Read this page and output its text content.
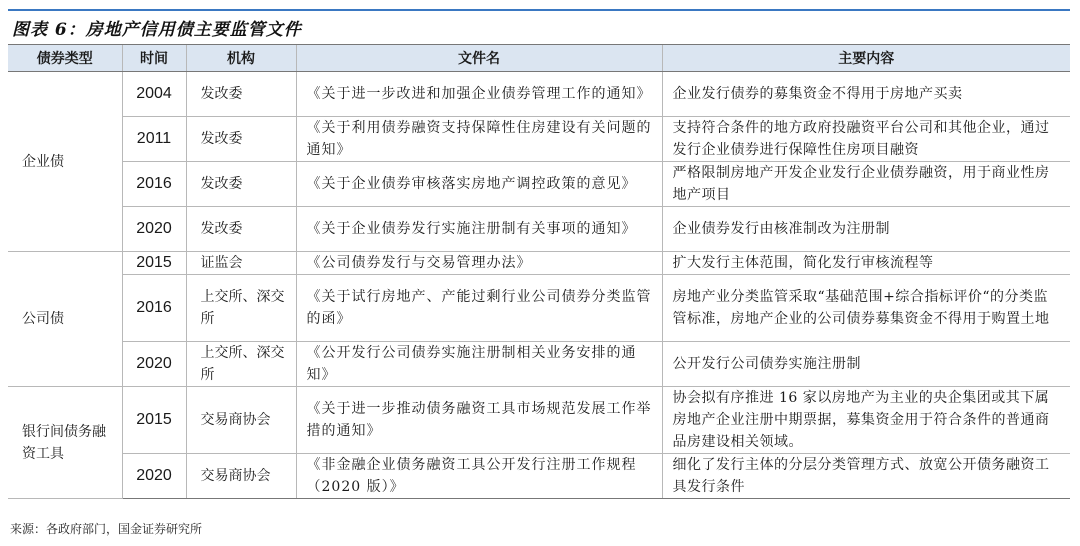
图表 6：房地产信用债主要监管文件
债券类型	时间	机构	文件名	主要内容
企业债	2004	发改委	《关于进一步改进和加强企业债券管理工作的通知》	企业发行债券的募集资金不得用于房地产买卖
	2011	发改委	《关于利用债券融资支持保障性住房建设有关问题的通知》	支持符合条件的地方政府投融资平台公司和其他企业，通过发行企业债券进行保障性住房项目融资
	2016	发改委	《关于企业债券审核落实房地产调控政策的意见》	严格限制房地产开发企业发行企业债券融资，用于商业性房地产项目
	2020	发改委	《关于企业债券发行实施注册制有关事项的通知》	企业债券发行由核准制改为注册制
公司债	2015	证监会	《公司债券发行与交易管理办法》	扩大发行主体范围，简化发行审核流程等
	2016	上交所、深交所	《关于试行房地产、产能过剩行业公司债券分类监管的函》	房地产业分类监管采取“基础范围+综合指标评价“的分类监管标准，房地产企业的公司债券募集资金不得用于购置土地
	2020	上交所、深交所	《公开发行公司债券实施注册制相关业务安排的通知》	公开发行公司债券实施注册制
银行间债务融资工具	2015	交易商协会	《关于进一步推动债务融资工具市场规范发展工作举措的通知》	协会拟有序推进 16 家以房地产为主业的央企集团或其下属房地产企业注册中期票据，募集资金用于符合条件的普通商品房建设相关领域。
	2020	交易商协会	《非金融企业债务融资工具公开发行注册工作规程（2020 版）》	细化了发行主体的分层分类管理方式、放宽公开债务融资工具发行条件
来源：各政府部门，国金证券研究所
